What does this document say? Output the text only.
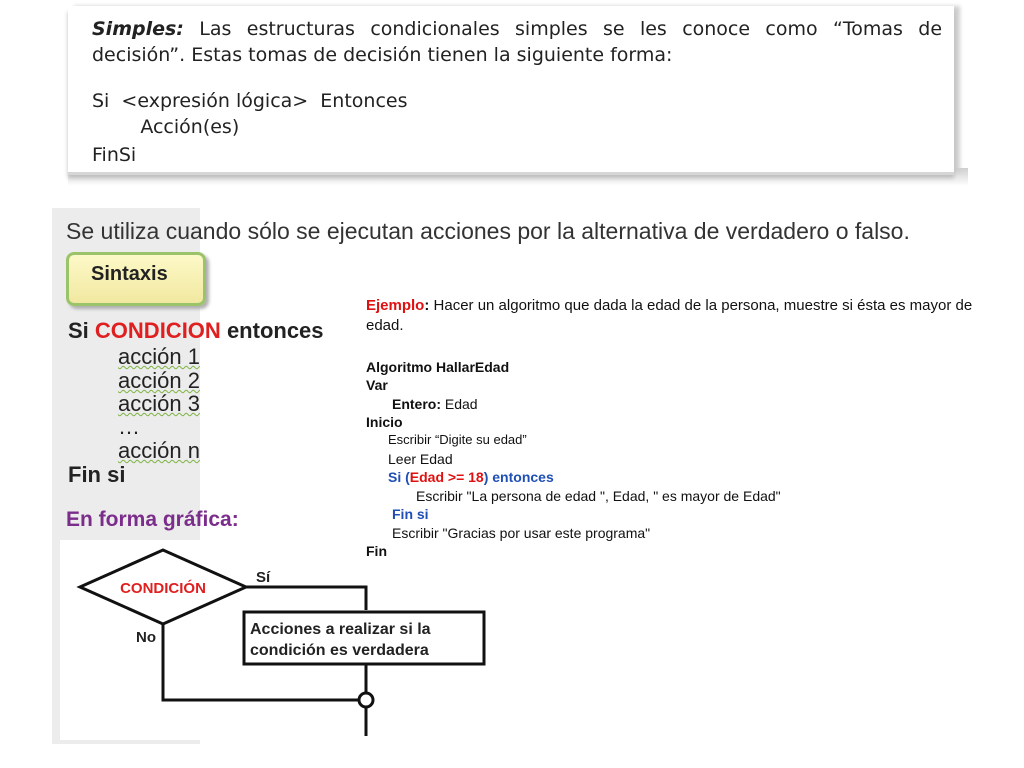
Simples: Las estructuras condicionales simples se les conoce como “Tomas de decisión”. Estas tomas de decisión tienen la siguiente forma:
Si  <expresión lógica>  Entonces
Acción(es)
FinSi
Se utiliza cuando sólo se ejecutan acciones por la alternativa de verdadero o falso.
Sintaxis
Si CONDICION entonces
acción 1
acción 2
acción 3
…
acción n
Fin si
En forma gráfica:
CONDICIÓN
Sí
Acciones a realizar si la
condición es verdadera
No
Ejemplo: Hacer un algoritmo que dada la edad de la persona, muestre si ésta es mayor de edad.
Algoritmo HallarEdad
Var
Entero: Edad
Inicio
Escribir “Digite su edad”
Leer Edad
Si (Edad >= 18) entonces
Escribir "La persona de edad ", Edad, " es mayor de Edad"
Fin si
Escribir "Gracias por usar este programa"
Fin
